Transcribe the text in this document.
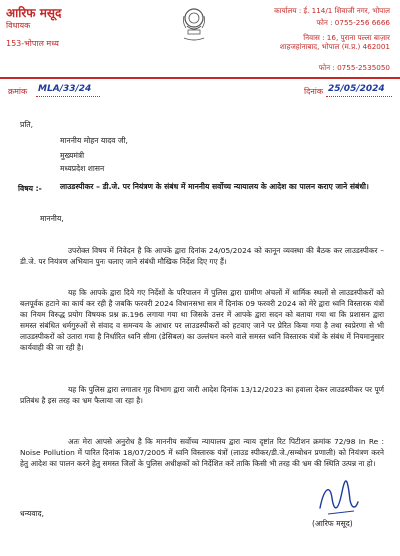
आरिफ मसूद
विधायक
153-भोपाल मध्य
कार्यालय : ई. 114/1 शिवाजी नगर, भोपाल
फोन : 0755-256 6666
निवास : 16, पुराना पल्ला बाज़ार
शाहजहांनाबाद, भोपाल (म.प्र.) 462001
फोन : 0755-2535050
क्रमांक MLA/33/24	दिनांक 25/05/2024
प्रति,
माननीय मोहन यादव जी,
मुख्यमंत्री
मध्यप्रदेश शासन
विषय :- लाउडस्पीकर – डी.जे. पर नियंत्रण के संबंध में माननीय सर्वोच्च न्यायालय के आदेश का पालन कराए जाने संबंधी।
माननीय,
उपरोक्त विषय में निवेदन है कि आपके द्वारा दिनांक 24/05/2024 को कानून व्यवस्था की बैठक कर लाउडस्पीकर – डी.जे. पर नियंत्रण अभियान पुनः चलाए जाने संबंधी मौखिक निर्देश दिए गए हैं।
यह कि आपके द्वारा दिये गए निर्देशों के परिपालन में पुलिस द्वारा ग्रामीण अंचलों में धार्मिक स्थलों से लाउडस्पीकरों को बलपूर्वक हटाने का कार्य कर रही है जबकि फरवरी 2024 विधानसभा सत्र में दिनांक 09 फरवरी 2024 को मेरे द्वारा ध्वनि विस्तारक यंत्रों का नियम विरुद्ध प्रयोग विषयक प्रश्न क्र.196 लगाया गया था जिसके उत्तर में आपके द्वारा सदन को बताया गया था कि प्रशासन द्वारा समस्त संबंधित धर्मगुरुओं से संवाद व समन्वय के आधार पर लाउडस्पीकरों को हटवाए जाने पर प्रेरित किया गया है तथा स्वप्रेरणा से भी लाउडस्पीकरों को उतारा गया है निर्धारित ध्वनि सीमा (डेसिबल) का उल्लंघन करने वाले समस्त ध्वनि विस्तारक यंत्रों के संबंध में नियमानुसार कार्यवाही की जा रही है।
यह कि पुलिस द्वारा लगातार गृह विभाग द्वारा जारी आदेश दिनांक 13/12/2023 का हवाला देकर लाउडस्पीकर पर पूर्ण प्रतिबंध है इस तरह का भ्रम फैलाया जा रहा है।
अतः मेरा आपसे अनुरोध है कि माननीय सर्वोच्च न्यायालय द्वारा न्याय दृष्टांत रिट पिटीशन क्रमांक 72/98 In Re : Noise Pollution में पारित दिनांक 18/07/2005 में ध्वनि विस्तारक यंत्रों (लाउड स्पीकर/डी.जे./सम्बोधन प्रणाली) को नियंत्रण करने हेतु आदेश का पालन करने हेतु समस्त जिलों के पुलिस अधीक्षकों को निर्देशित करें ताकि किसी भी तरह की भ्रम की स्थिति उत्पन्न ना हो।
धन्यवाद,
(आरिफ मसूद)
